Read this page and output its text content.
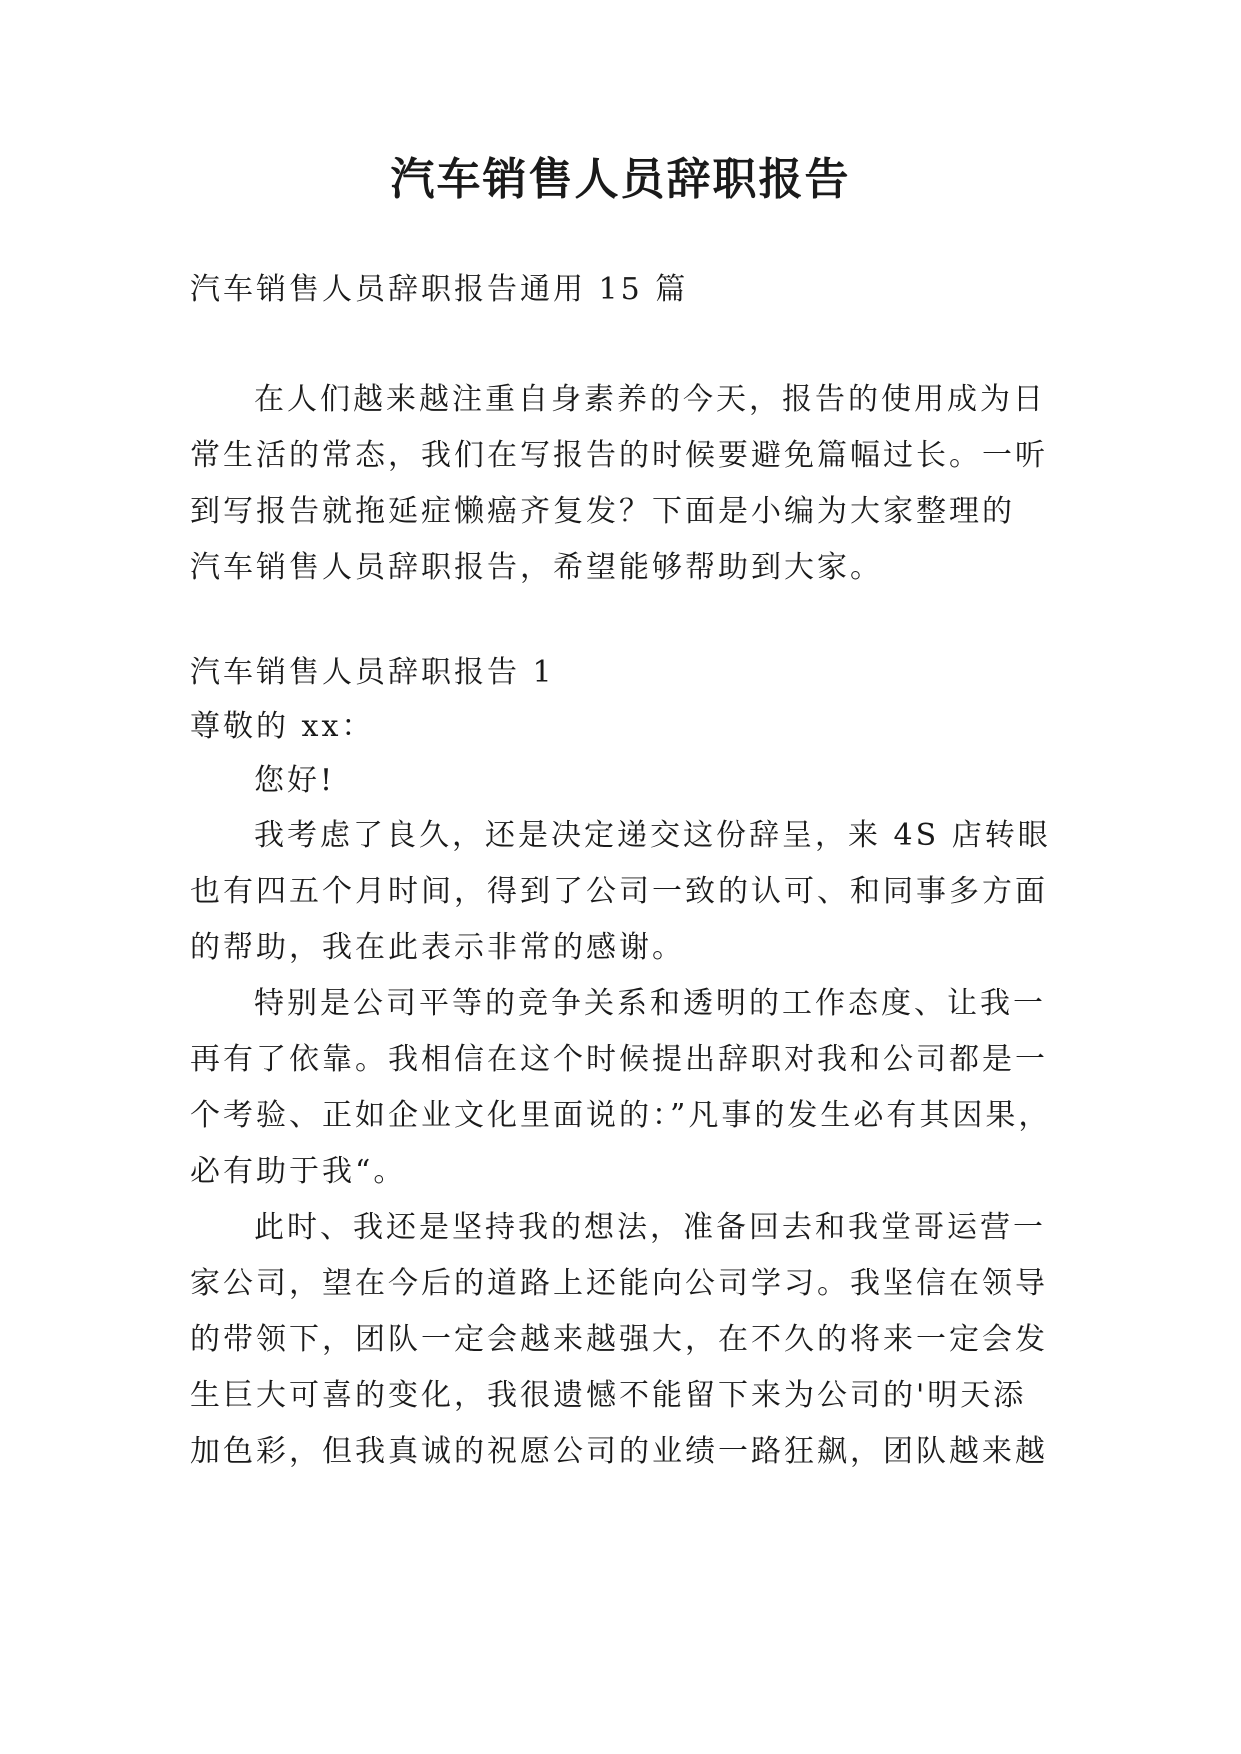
汽车销售人员辞职报告
汽车销售人员辞职报告通用 15 篇
在人们越来越注重自身素养的今天，报告的使用成为日
常生活的常态，我们在写报告的时候要避免篇幅过长。一听
到写报告就拖延症懒癌齐复发？下面是小编为大家整理的
汽车销售人员辞职报告，希望能够帮助到大家。
汽车销售人员辞职报告 1
尊敬的 xx：
您好!
我考虑了良久，还是决定递交这份辞呈，来 4S 店转眼
也有四五个月时间，得到了公司一致的认可、和同事多方面
的帮助，我在此表示非常的感谢。
特别是公司平等的竞争关系和透明的工作态度、让我一
再有了依靠。我相信在这个时候提出辞职对我和公司都是一
个考验、正如企业文化里面说的：”凡事的发生必有其因果，
必有助于我“。
此时、我还是坚持我的想法，准备回去和我堂哥运营一
家公司，望在今后的道路上还能向公司学习。我坚信在领导
的带领下，团队一定会越来越强大，在不久的将来一定会发
生巨大可喜的变化，我很遗憾不能留下来为公司的'明天添
加色彩，但我真诚的祝愿公司的业绩一路狂飙，团队越来越
